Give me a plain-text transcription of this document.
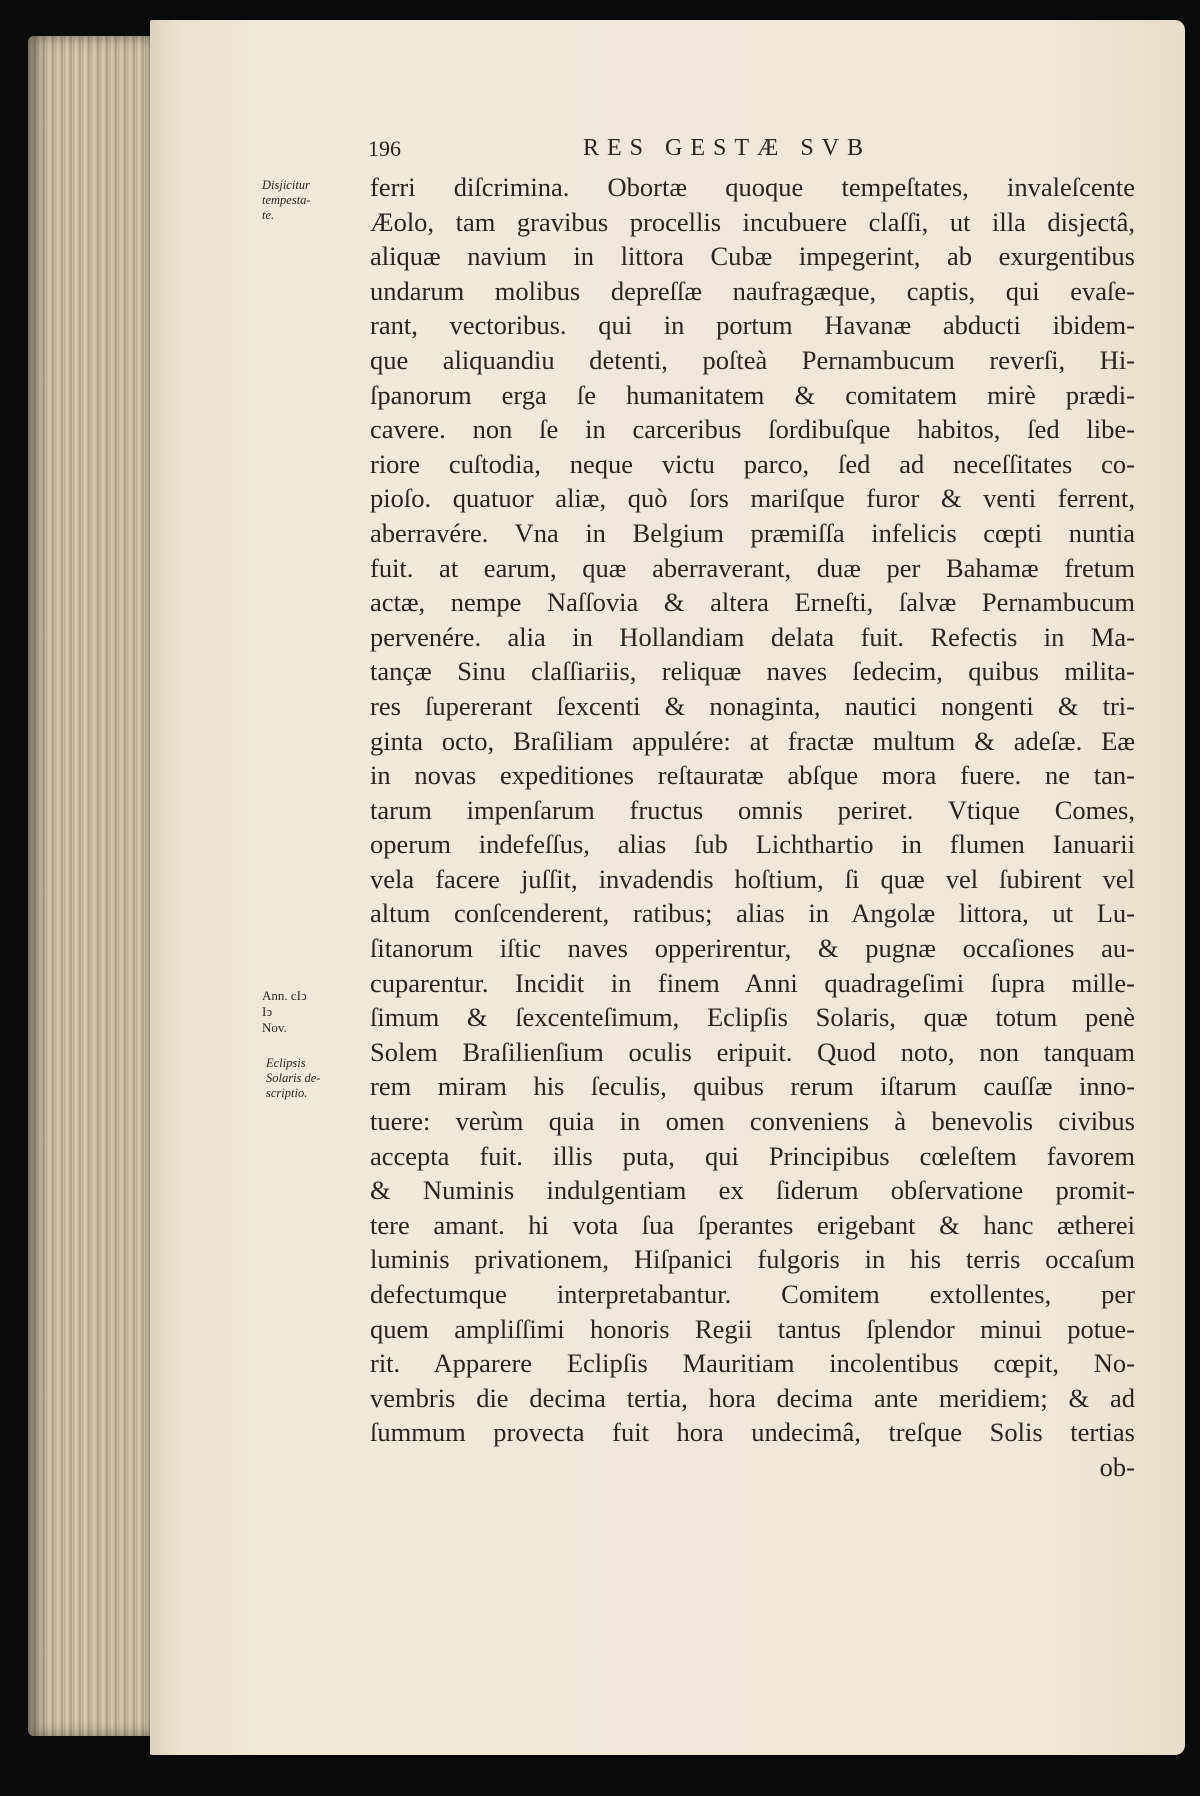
196	RES GESTÆ SVB
Disjicitur
tempesta-
te.
Ann. cIↄ
Iↄ
Nov.
Eclipsis
Solaris de-
scriptio.
ferri diſcrimina. Obortæ quoque tempeſtates, invaleſcente
Æolo, tam gravibus procellis incubuere claſſi, ut illa disjectâ,
aliquæ navium in littora Cubæ impegerint, ab exurgentibus
undarum molibus depreſſæ naufragæque, captis, qui evaſe-
rant, vectoribus. qui in portum Havanæ abducti ibidem-
que aliquandiu detenti, poſteà Pernambucum reverſi, Hi-
ſpanorum erga ſe humanitatem & comitatem mirè prædi-
cavere. non ſe in carceribus ſordibuſque habitos, ſed libe-
riore cuſtodia, neque victu parco, ſed ad neceſſitates co-
pioſo. quatuor aliæ, quò ſors mariſque furor & venti ferrent,
aberravére. Vna in Belgium præmiſſa infelicis cœpti nuntia
fuit. at earum, quæ aberraverant, duæ per Bahamæ fretum
actæ, nempe Naſſovia & altera Erneſti, ſalvæ Pernambucum
pervenére. alia in Hollandiam delata fuit. Refectis in Ma-
tançæ Sinu claſſiariis, reliquæ naves ſedecim, quibus milita-
res ſupererant ſexcenti & nonaginta, nautici nongenti & tri-
ginta octo, Braſiliam appulére: at fractæ multum & adeſæ. Eæ
in novas expeditiones reſtauratæ abſque mora fuere. ne tan-
tarum impenſarum fructus omnis periret. Vtique Comes,
operum indefeſſus, alias ſub Lichthartio in flumen Ianuarii
vela facere juſſit, invadendis hoſtium, ſi quæ vel ſubirent vel
altum conſcenderent, ratibus; alias in Angolæ littora, ut Lu-
ſitanorum iſtic naves opperirentur, & pugnæ occaſiones au-
cuparentur. Incidit in finem Anni quadrageſimi ſupra mille-
ſimum & ſexcenteſimum, Eclipſis Solaris, quæ totum penè
Solem Braſilienſium oculis eripuit. Quod noto, non tanquam
rem miram his ſeculis, quibus rerum iſtarum cauſſæ inno-
tuere: verùm quia in omen conveniens à benevolis civibus
accepta fuit. illis puta, qui Principibus cœleſtem favorem
& Numinis indulgentiam ex ſiderum obſervatione promit-
tere amant. hi vota ſua ſperantes erigebant & hanc ætherei
luminis privationem, Hiſpanici fulgoris in his terris occaſum
defectumque interpretabantur. Comitem extollentes, per
quem ampliſſimi honoris Regii tantus ſplendor minui potue-
rit. Apparere Eclipſis Mauritiam incolentibus cœpit, No-
vembris die decima tertia, hora decima ante meridiem; & ad
ſummum provecta fuit hora undecimâ, treſque Solis tertias
ob-
